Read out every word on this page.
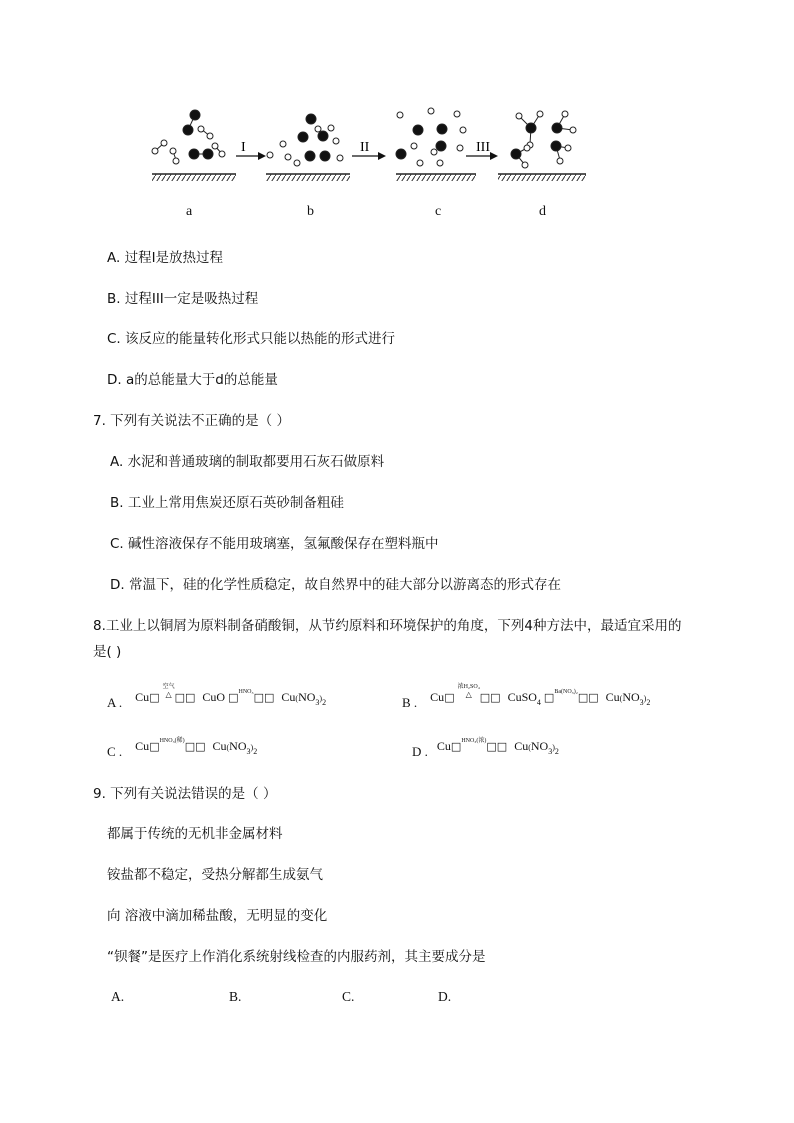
I	II	III
a	b	c	d
A. 过程I是放热过程
B. 过程III一定是吸热过程
C. 该反应的能量转化形式只能以热能的形式进行
D. a的总能量大于d的总能量
7. 下列有关说法不正确的是（ ）
A. 水泥和普通玻璃的制取都要用石灰石做原料
B. 工业上常用焦炭还原石英砂制备粗硅
C. 碱性溶液保存不能用玻璃塞，氢氟酸保存在塑料瓶中
D. 常温下，硅的化学性质稳定，故自然界中的硅大部分以游离态的形式存在
8.工业上以铜屑为原料制备硝酸铜，从节约原料和环境保护的角度，下列4种方法中，最适宜采用的
是( )
A . Cu□
空气
△ □□ CuO □$^{HNO_3}$□□ $Cu(NO_3)_2$	B . Cu□
浓H₂SO₄
△ □□ CuSO$_4$ □$^{Ba(NO_3)_2}$□□ $Cu(NO_3)_2$
C . Cu□$^{HNO_3(稀)}$□□ $Cu(NO_3)_2$	D . Cu□$^{HNO_3(浓)}$□□ $Cu(NO_3)_2$
9. 下列有关说法错误的是（ ）
都属于传统的无机非金属材料
铵盐都不稳定，受热分解都生成氨气
向 溶液中滴加稀盐酸，无明显的变化
“钡餐”是医疗上作消化系统射线检查的内服药剂，其主要成分是
A.	B.	C.	D.
